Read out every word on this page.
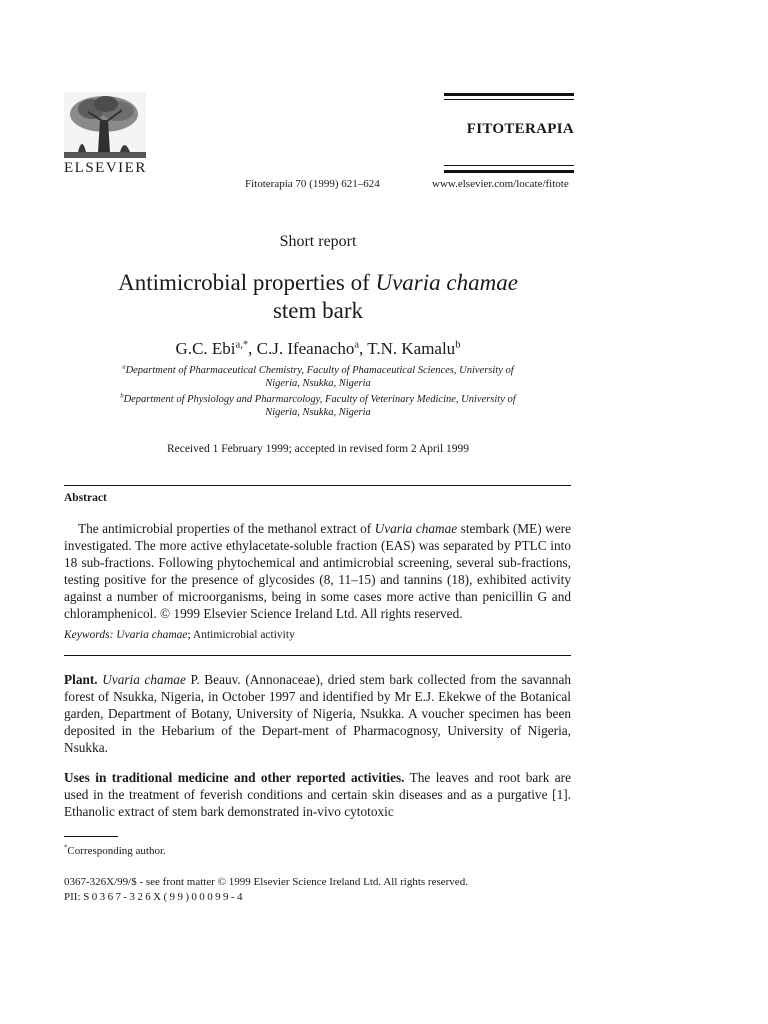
ELSEVIER
Fitoterapia 70 (1999) 621–624
FITOTERAPIA
www.elsevier.com/locate/fitote
Short report
Antimicrobial properties of Uvaria chamae
stem bark
G.C. Ebi$^{a,*}$, C.J. Ifeanacho$^a$, T.N. Kamalu$^b$
$^a$Department of Pharmaceutical Chemistry, Faculty of Phamaceutical Sciences, University of
Nigeria, Nsukka, Nigeria
$^b$Department of Physiology and Pharmarcology, Faculty of Veterinary Medicine, University of
Nigeria, Nsukka, Nigeria
Received 1 February 1999; accepted in revised form 2 April 1999
Abstract
The antimicrobial properties of the methanol extract of Uvaria chamae stembark (ME) were investigated. The more active ethylacetate-soluble fraction (EAS) was separated by PTLC into 18 sub-fractions. Following phytochemical and antimicrobial screening, several sub-fractions, testing positive for the presence of glycosides (8, 11–15) and tannins (18), exhibited activity against a number of microorganisms, being in some cases more active than penicillin G and chloramphenicol. © 1999 Elsevier Science Ireland Ltd. All rights reserved.
Keywords: Uvaria chamae; Antimicrobial activity
Plant. Uvaria chamae P. Beauv. (Annonaceae), dried stem bark collected from the savannah forest of Nsukka, Nigeria, in October 1997 and identified by Mr E.J. Ekekwe of the Botanical garden, Department of Botany, University of Nigeria, Nsukka. A voucher specimen has been deposited in the Hebarium of the Depart-ment of Pharmacognosy, University of Nigeria, Nsukka.
Uses in traditional medicine and other reported activities. The leaves and root bark are used in the treatment of feverish conditions and certain skin diseases and as a purgative [1]. Ethanolic extract of stem bark demonstrated in-vivo cytotoxic
*Corresponding author.
0367-326X/99/$ - see front matter © 1999 Elsevier Science Ireland Ltd. All rights reserved.
PII: S0367-326X(99)00099-4
